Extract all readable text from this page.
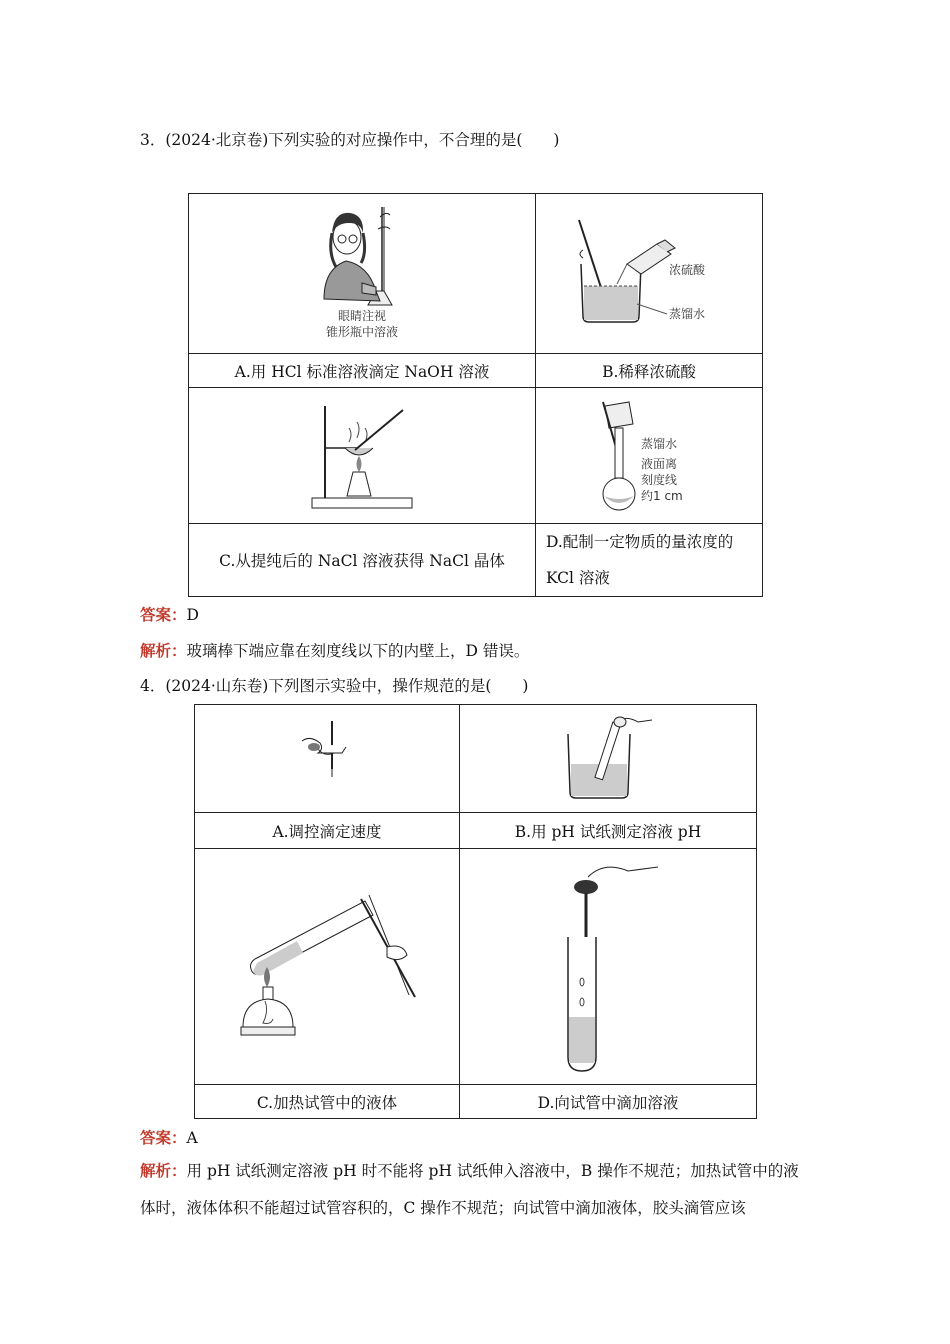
3．(2024·北京卷)下列实验的对应操作中，不合理的是(　　)
眼睛注视
锥形瓶中溶液	浓硫酸
蒸馏水

A.用 HCl 标准溶液滴定 NaOH 溶液	B.稀释浓硫酸

蒸馏水
液面离
刻度线
约1 cm

C.从提纯后的 NaCl 溶液获得 NaCl 晶体	D.配制一定物质的量浓度的
KCl 溶液
答案：D
解析：玻璃棒下端应靠在刻度线以下的内壁上，D 错误。
4．(2024·山东卷)下列图示实验中，操作规范的是(　　)

A.调控滴定速度	B.用 pH 试纸测定溶液 pH

C.加热试管中的液体	D.向试管中滴加溶液
答案：A
解析：用 pH 试纸测定溶液 pH 时不能将 pH 试纸伸入溶液中，B 操作不规范；加热试管中的液体时，液体体积不能超过试管容积的，C 操作不规范；向试管中滴加液体，胶头滴管应该
